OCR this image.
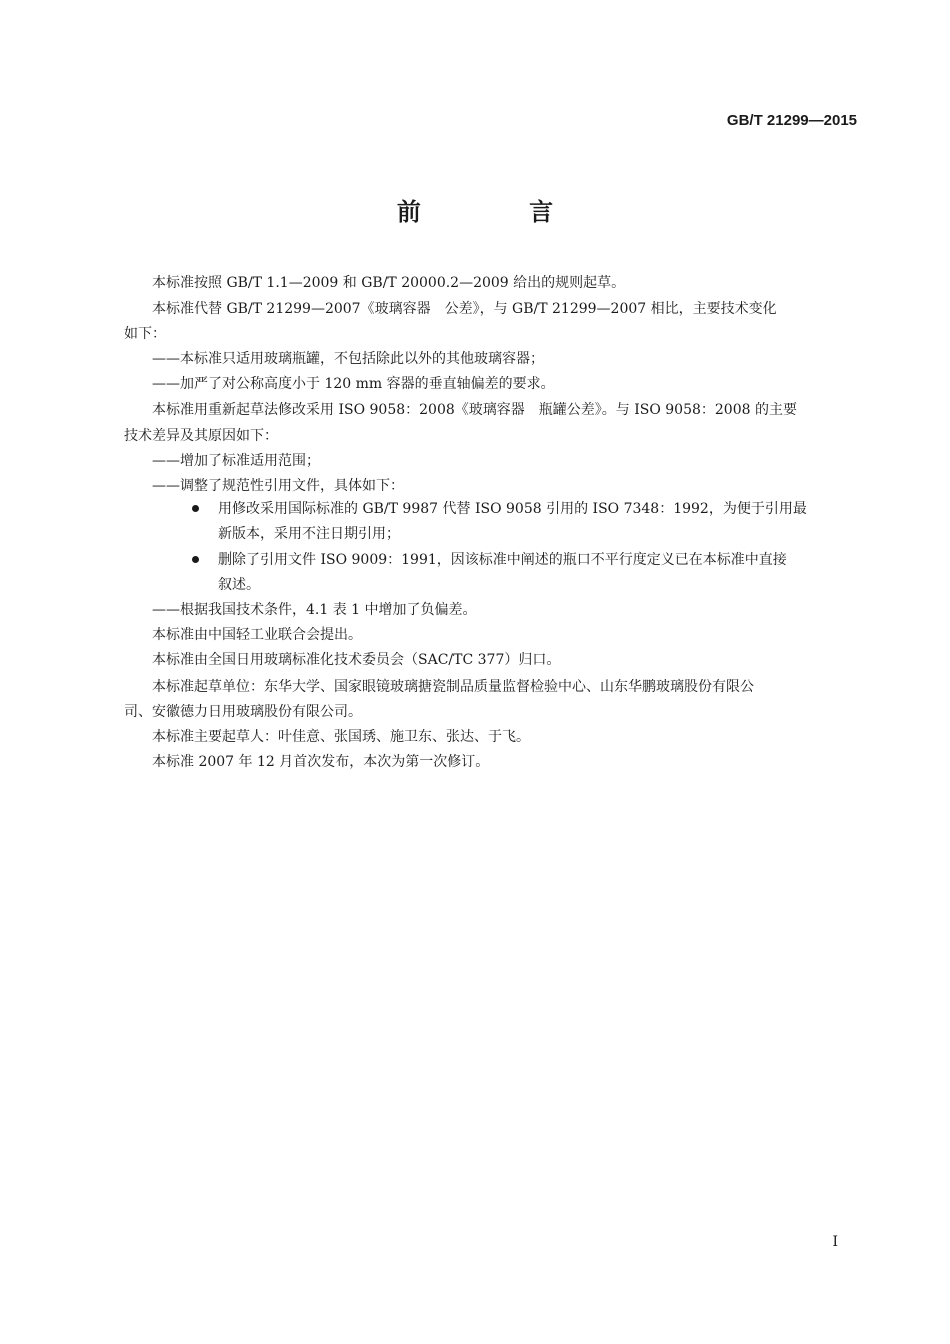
GB/T 21299—2015
前 言
本标准按照 GB/T 1.1—2009 和 GB/T 20000.2—2009 给出的规则起草。
本标准代替 GB/T 21299—2007《玻璃容器　公差》，与 GB/T 21299—2007 相比，主要技术变化
如下：
——本标准只适用玻璃瓶罐，不包括除此以外的其他玻璃容器；
——加严了对公称高度小于 120 mm 容器的垂直轴偏差的要求。
本标准用重新起草法修改采用 ISO 9058：2008《玻璃容器　瓶罐公差》。与 ISO 9058：2008 的主要
技术差异及其原因如下：
——增加了标准适用范围；
——调整了规范性引用文件，具体如下：
用修改采用国际标准的 GB/T 9987 代替 ISO 9058 引用的 ISO 7348：1992，为便于引用最
新版本，采用不注日期引用；
删除了引用文件 ISO 9009：1991，因该标准中阐述的瓶口不平行度定义已在本标准中直接
叙述。
——根据我国技术条件，4.1 表 1 中增加了负偏差。
本标准由中国轻工业联合会提出。
本标准由全国日用玻璃标准化技术委员会（SAC/TC 377）归口。
本标准起草单位：东华大学、国家眼镜玻璃搪瓷制品质量监督检验中心、山东华鹏玻璃股份有限公
司、安徽德力日用玻璃股份有限公司。
本标准主要起草人：叶佳意、张国琇、施卫东、张达、于飞。
本标准 2007 年 12 月首次发布，本次为第一次修订。
I
